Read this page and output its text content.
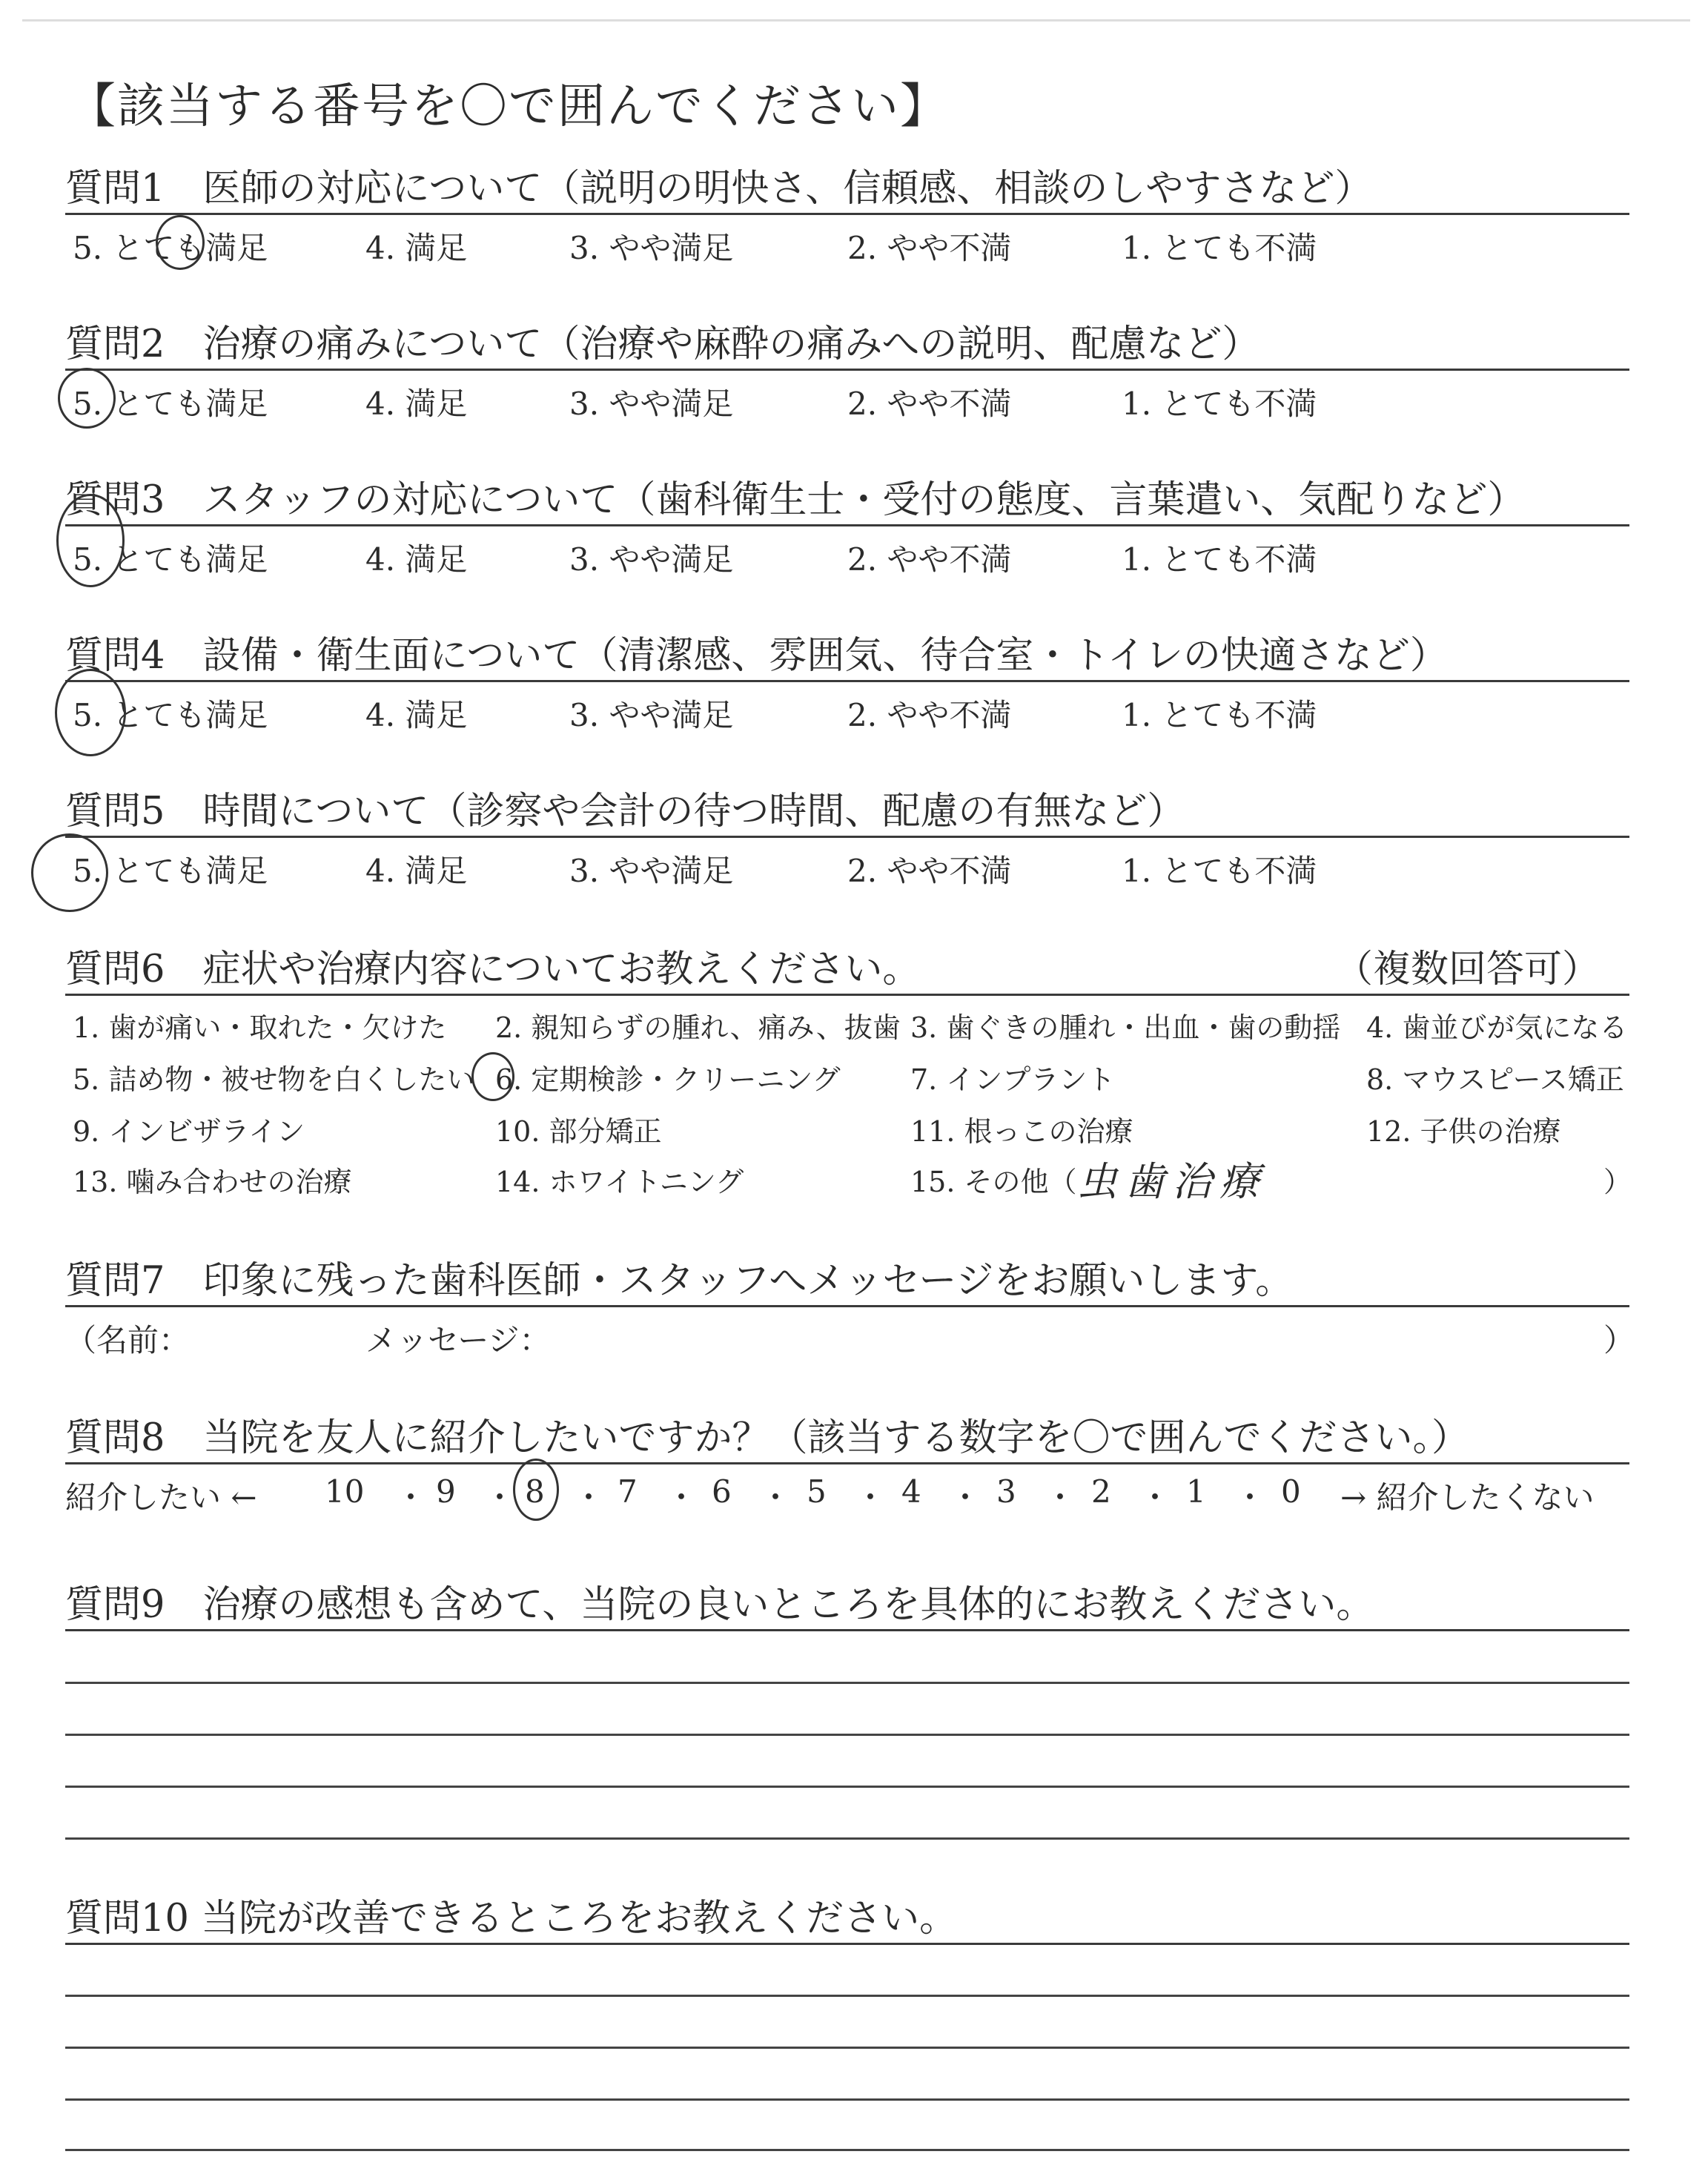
【該当する番号を〇で囲んでください】
質問1　医師の対応について（説明の明快さ、信頼感、相談のしやすさなど）
5. とても満足	4. 満足	3. やや満足	2. やや不満	1. とても不満
質問2　治療の痛みについて（治療や麻酔の痛みへの説明、配慮など）
5. とても満足	4. 満足	3. やや満足	2. やや不満	1. とても不満
質問3　スタッフの対応について（歯科衛生士・受付の態度、言葉遣い、気配りなど）
5. とても満足	4. 満足	3. やや満足	2. やや不満	1. とても不満
質問4　設備・衛生面について（清潔感、雰囲気、待合室・トイレの快適さなど）
5. とても満足	4. 満足	3. やや満足	2. やや不満	1. とても不満
質問5　時間について（診察や会計の待つ時間、配慮の有無など）
5. とても満足	4. 満足	3. やや満足	2. やや不満	1. とても不満
質問6　症状や治療内容についてお教えください。	（複数回答可）
1. 歯が痛い・取れた・欠けた 2. 親知らずの腫れ、痛み、抜歯 3. 歯ぐきの腫れ・出血・歯の動揺 4. 歯並びが気になる
5. 詰め物・被せ物を白くしたい 6. 定期検診・クリーニング 7. インプラント	8. マウスピース矯正
9. インビザライン	10. 部分矯正	11. 根っこの治療	12. 子供の治療
13. 噛み合わせの治療	14. ホワイトニング	15. その他（ 虫歯治療	）
質問7　印象に残った歯科医師・スタッフへメッセージをお願いします。
（名前：	メッセージ：	）
質問8　当院を友人に紹介したいですか？（該当する数字を〇で囲んでください。）
紹介したい ← 10 ・ 9 ・ 8 ・ 7 ・ 6 ・ 5 ・ 4 ・ 3 ・ 2 ・ 1 ・ 0 → 紹介したくない
質問9　治療の感想も含めて、当院の良いところを具体的にお教えください。
質問10 当院が改善できるところをお教えください。
